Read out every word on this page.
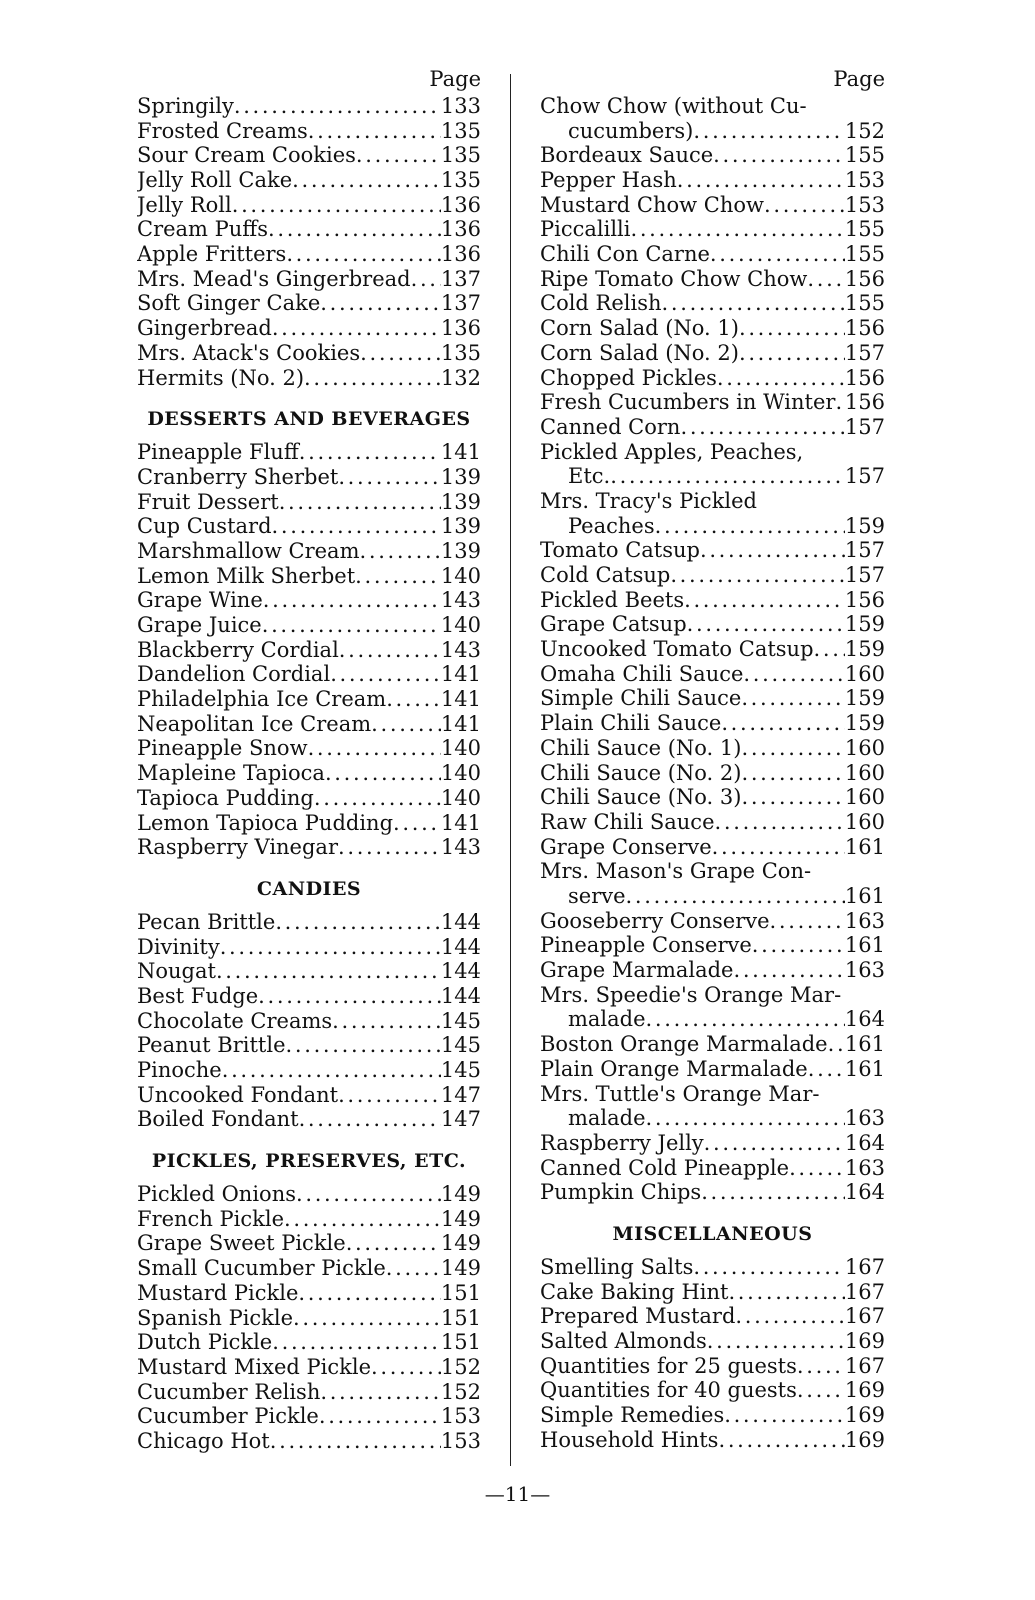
Page
Springily . . .	133
Frosted Creams . . .	135
Sour Cream Cookies . . .	135
Jelly Roll Cake . . .	135
Jelly Roll . . .	136
Cream Puffs . . .	136
Apple Fritters . . .	136
Mrs. Mead's Gingerbread . . . 137
Soft Ginger Cake . . .	137
Gingerbread . . .	136
Mrs. Atack's Cookies . . .	135
Hermits (No. 2) . . .	132
DESSERTS AND BEVERAGES
Pineapple Fluff . . .	141
Cranberry Sherbet . . .	139
Fruit Dessert . . .	139
Cup Custard . . .	139
Marshmallow Cream . . .	139
Lemon Milk Sherbet . . .	140
Grape Wine . . .	143
Grape Juice . . .	140
Blackberry Cordial . . .	143
Dandelion Cordial . . .	141
Philadelphia Ice Cream . . .	141
Neapolitan Ice Cream . . .	141
Pineapple Snow . . .	140
Mapleine Tapioca . . .	140
Tapioca Pudding . . .	140
Lemon Tapioca Pudding . . . 141
Raspberry Vinegar . . .	143
CANDIES
Pecan Brittle . . .	144
Divinity . . .	144
Nougat . . .	144
Best Fudge . . .	144
Chocolate Creams . . .	145
Peanut Brittle . . .	145
Pinoche . . .	145
Uncooked Fondant . . .	147
Boiled Fondant . . .	147
PICKLES, PRESERVES, ETC.
Pickled Onions . . .	149
French Pickle . . .	149
Grape Sweet Pickle . . .	149
Small Cucumber Pickle . . .	149
Mustard Pickle . . .	151
Spanish Pickle . . .	151
Dutch Pickle . . .	151
Mustard Mixed Pickle . . .	152
Cucumber Relish . . .	152
Cucumber Pickle . . .	153
Chicago Hot . . .	153
Page
Chow Chow (without Cu-
cucumbers) . . .	152
Bordeaux Sauce . . .	155
Pepper Hash . . .	153
Mustard Chow Chow . . .	153
Piccalilli . . .	155
Chili Con Carne . . .	155
Ripe Tomato Chow Chow . . . 156
Cold Relish . . .	155
Corn Salad (No. 1) . . .	156
Corn Salad (No. 2) . . .	157
Chopped Pickles . . .	156
Fresh Cucumbers in Winter . . . 156
Canned Corn . . .	157
Pickled Apples, Peaches,
Etc. . . .	157
Mrs. Tracy's Pickled
Peaches . . .	159
Tomato Catsup . . .	157
Cold Catsup . . .	157
Pickled Beets . . .	156
Grape Catsup . . .	159
Uncooked Tomato Catsup . . . 159
Omaha Chili Sauce . . .	160
Simple Chili Sauce . . .	159
Plain Chili Sauce . . .	159
Chili Sauce (No. 1) . . .	160
Chili Sauce (No. 2) . . .	160
Chili Sauce (No. 3) . . .	160
Raw Chili Sauce . . .	160
Grape Conserve . . .	161
Mrs. Mason's Grape Con-
serve . . .	161
Gooseberry Conserve . . .	163
Pineapple Conserve . . .	161
Grape Marmalade . . .	163
Mrs. Speedie's Orange Mar-
malade . . .	164
Boston Orange Marmalade . . . 161
Plain Orange Marmalade . . . 161
Mrs. Tuttle's Orange Mar-
malade . . .	163
Raspberry Jelly . . .	164
Canned Cold Pineapple . . .	163
Pumpkin Chips . . .	164
MISCELLANEOUS
Smelling Salts . . .	167
Cake Baking Hint . . .	167
Prepared Mustard . . .	167
Salted Almonds . . .	169
Quantities for 25 guests . . . 167
Quantities for 40 guests . . . 169
Simple Remedies . . .	169
Household Hints . . .	169
—11—
